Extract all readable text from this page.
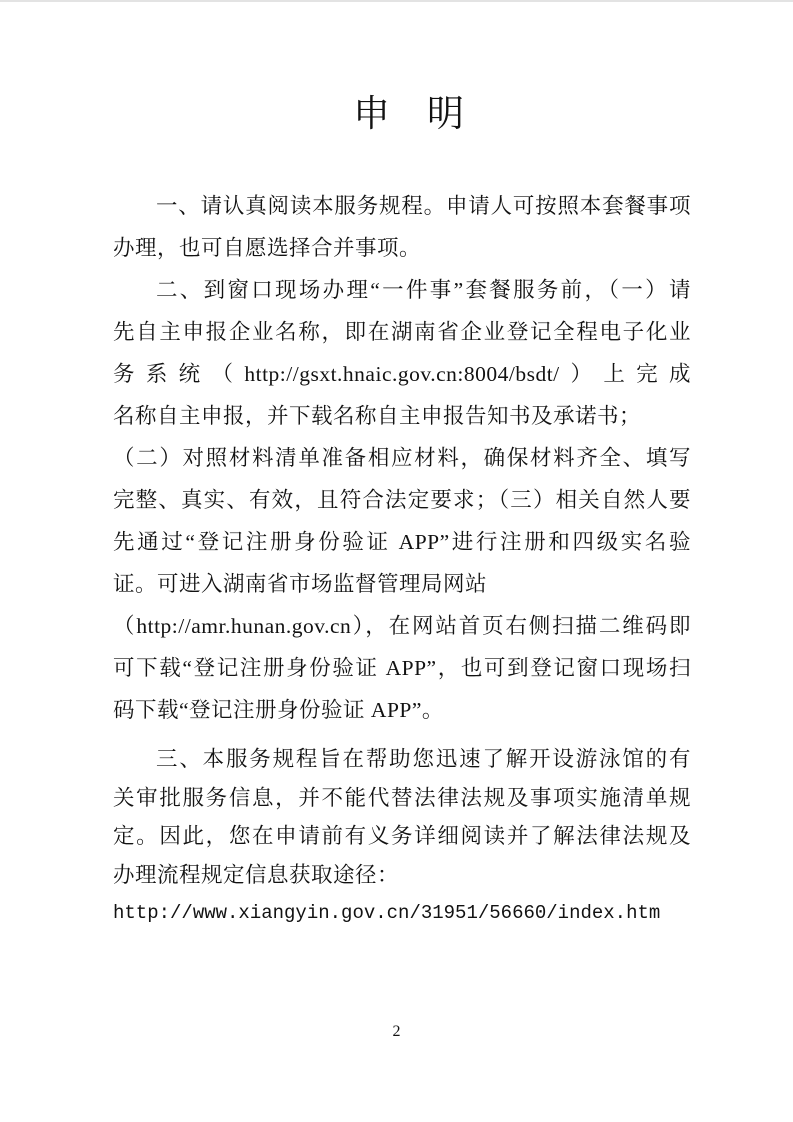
申　明
一、请认真阅读本服务规程。申请人可按照本套餐事项
办理，也可自愿选择合并事项。
二、到窗口现场办理“一件事”套餐服务前，（一）请
先自主申报企业名称，即在湖南省企业登记全程电子化业
务系统（http://gsxt.hnaic.gov.cn:8004/bsdt/）上完成
名称自主申报，并下载名称自主申报告知书及承诺书；
（二）对照材料清单准备相应材料，确保材料齐全、填写
完整、真实、有效，且符合法定要求；（三）相关自然人要
先通过“登记注册身份验证 APP”进行注册和四级实名验
证。可进入湖南省市场监督管理局网站
（http://amr.hunan.gov.cn），在网站首页右侧扫描二维码即
可下载“登记注册身份验证 APP”，也可到登记窗口现场扫
码下载“登记注册身份验证 APP”。
三、本服务规程旨在帮助您迅速了解开设游泳馆的有
关审批服务信息，并不能代替法律法规及事项实施清单规
定。因此，您在申请前有义务详细阅读并了解法律法规及
办理流程规定信息获取途径：
http://www.xiangyin.gov.cn/31951/56660/index.htm
2
